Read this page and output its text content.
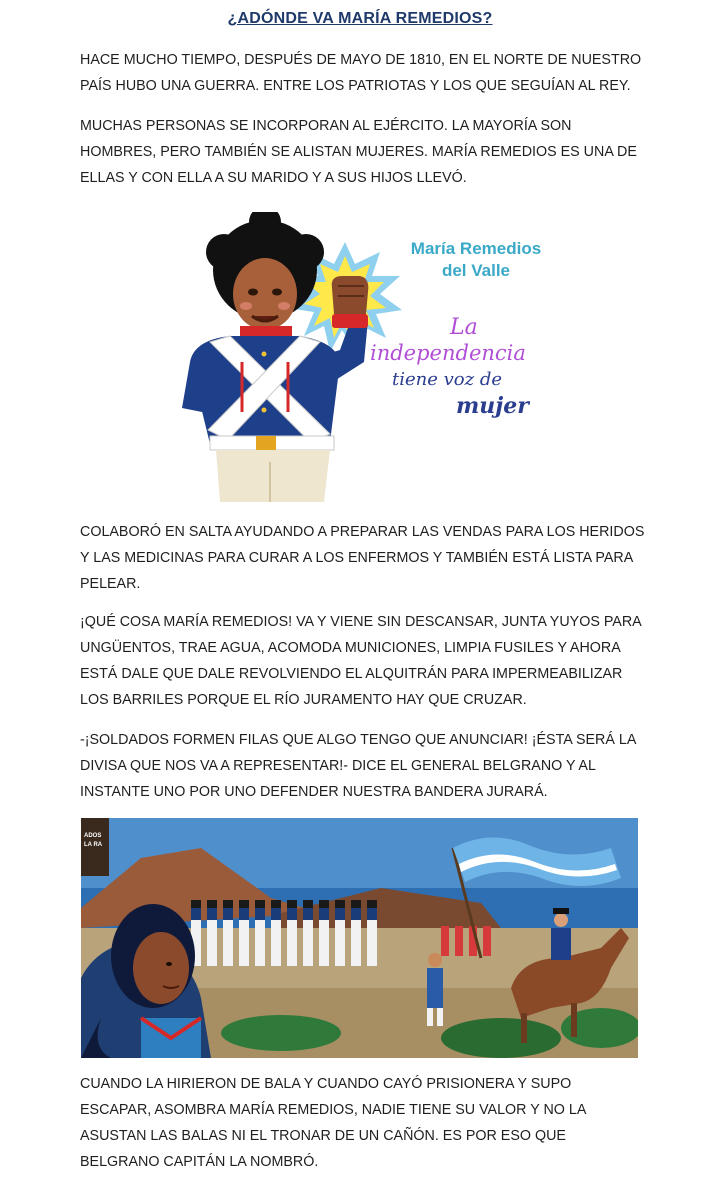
¿ADÓNDE VA MARÍA REMEDIOS?

HACE MUCHO TIEMPO, DESPUÉS DE MAYO DE 1810, EN EL NORTE DE NUESTRO PAÍS HUBO UNA GUERRA. ENTRE LOS PATRIOTAS Y LOS QUE SEGUÍAN AL REY.

MUCHAS PERSONAS SE INCORPORAN AL EJÉRCITO. LA MAYORÍA SON HOMBRES, PERO TAMBIÉN SE ALISTAN MUJERES. MARÍA REMEDIOS ES UNA DE ELLAS Y CON ELLA A SU MARIDO Y A SUS HIJOS LLEVÓ.

María Remedios
del Valle
La
independencia
tiene voz de
mujer

COLABORÓ EN SALTA AYUDANDO A PREPARAR LAS VENDAS PARA LOS HERIDOS Y LAS MEDICINAS PARA CURAR A LOS ENFERMOS Y TAMBIÉN ESTÁ LISTA PARA PELEAR.

¡QUÉ COSA MARÍA REMEDIOS! VA Y VIENE SIN DESCANSAR, JUNTA YUYOS PARA UNGÜENTOS, TRAE AGUA, ACOMODA MUNICIONES, LIMPIA FUSILES Y AHORA ESTÁ DALE QUE DALE REVOLVIENDO EL ALQUITRÁN PARA IMPERMEABILIZAR LOS BARRILES PORQUE EL RÍO JURAMENTO HAY QUE CRUZAR.

-¡SOLDADOS FORMEN FILAS QUE ALGO TENGO QUE ANUNCIAR! ¡ÉSTA SERÁ LA DIVISA QUE NOS VA A REPRESENTAR!- DICE EL GENERAL BELGRANO Y AL INSTANTE UNO POR UNO DEFENDER NUESTRA BANDERA JURARÁ.

ADOS LA RA

CUANDO LA HIRIERON DE BALA Y CUANDO CAYÓ PRISIONERA Y SUPO ESCAPAR, ASOMBRA MARÍA REMEDIOS, NADIE TIENE SU VALOR Y NO LA ASUSTAN LAS BALAS NI EL TRONAR DE UN CAÑÓN. ES POR ESO QUE BELGRANO CAPITÁN LA NOMBRÓ.
